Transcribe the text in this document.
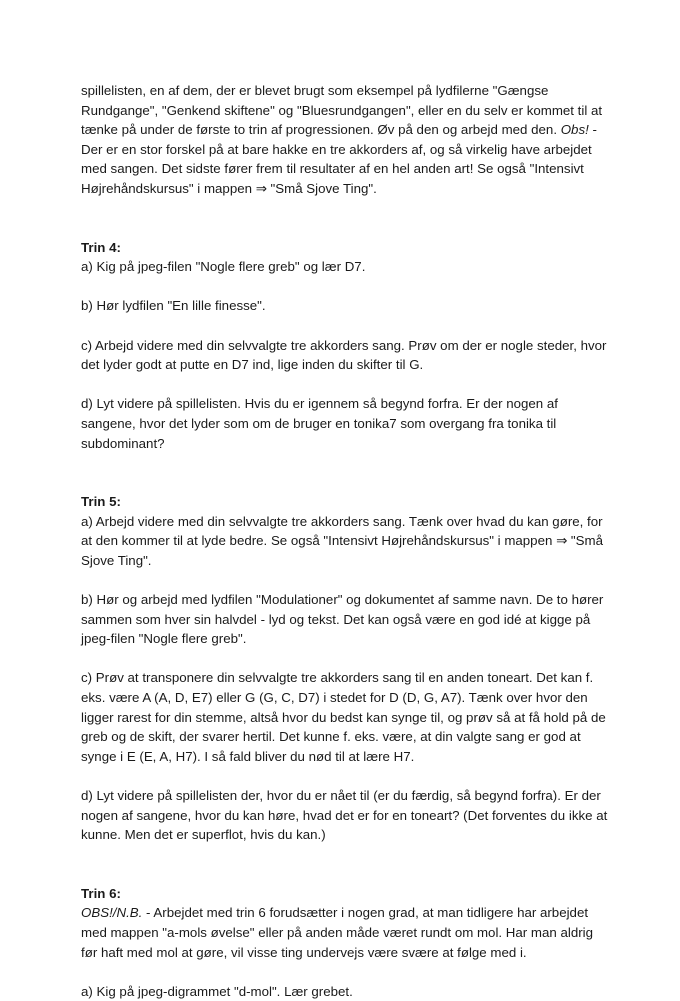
spillelisten, en af dem, der er blevet brugt som eksempel på lydfilerne "Gængse Rundgange", "Genkend skiftene" og "Bluesrundgangen", eller en du selv er kommet til at tænke på under de første to trin af progressionen. Øv på den og arbejd med den. Obs! - Der er en stor forskel på at bare hakke en tre akkorders af, og så virkelig have arbejdet med sangen. Det sidste fører frem til resultater af en hel anden art! Se også "Intensivt Højrehåndskursus" i mappen ⇒ "Små Sjove Ting".

Trin 4:

a) Kig på jpeg-filen "Nogle flere greb" og lær D7.

b) Hør lydfilen "En lille finesse".

c) Arbejd videre med din selvvalgte tre akkorders sang. Prøv om der er nogle steder, hvor det lyder godt at putte en D7 ind, lige inden du skifter til G.

d) Lyt videre på spillelisten. Hvis du er igennem så begynd forfra. Er der nogen af sangene, hvor det lyder som om de bruger en tonika7 som overgang fra tonika til subdominant?

Trin 5:

a) Arbejd videre med din selvvalgte tre akkorders sang. Tænk over hvad du kan gøre, for at den kommer til at lyde bedre. Se også "Intensivt Højrehåndskursus" i mappen ⇒ "Små Sjove Ting".

b) Hør og arbejd med lydfilen "Modulationer" og dokumentet af samme navn. De to hører sammen som hver sin halvdel - lyd og tekst. Det kan også være en god idé at kigge på jpeg-filen "Nogle flere greb".

c) Prøv at transponere din selvvalgte tre akkorders sang til en anden toneart. Det kan f. eks. være A (A, D, E7) eller G (G, C, D7) i stedet for D (D, G, A7). Tænk over hvor den ligger rarest for din stemme, altså hvor du bedst kan synge til, og prøv så at få hold på de greb og de skift, der svarer hertil. Det kunne f. eks. være, at din valgte sang er god at synge i E (E, A, H7). I så fald bliver du nød til at lære H7.

d) Lyt videre på spillelisten der, hvor du er nået til (er du færdig, så begynd forfra). Er der nogen af sangene, hvor du kan høre, hvad det er for en toneart? (Det forventes du ikke at kunne. Men det er superflot, hvis du kan.)

Trin 6:

OBS!/N.B. - Arbejdet med trin 6 forudsætter i nogen grad, at man tidligere har arbejdet med mappen "a-mols øvelse" eller på anden måde været rundt om mol. Har man aldrig før haft med mol at gøre, vil visse ting undervejs være svære at følge med i.

a) Kig på jpeg-digrammet "d-mol". Lær grebet.
